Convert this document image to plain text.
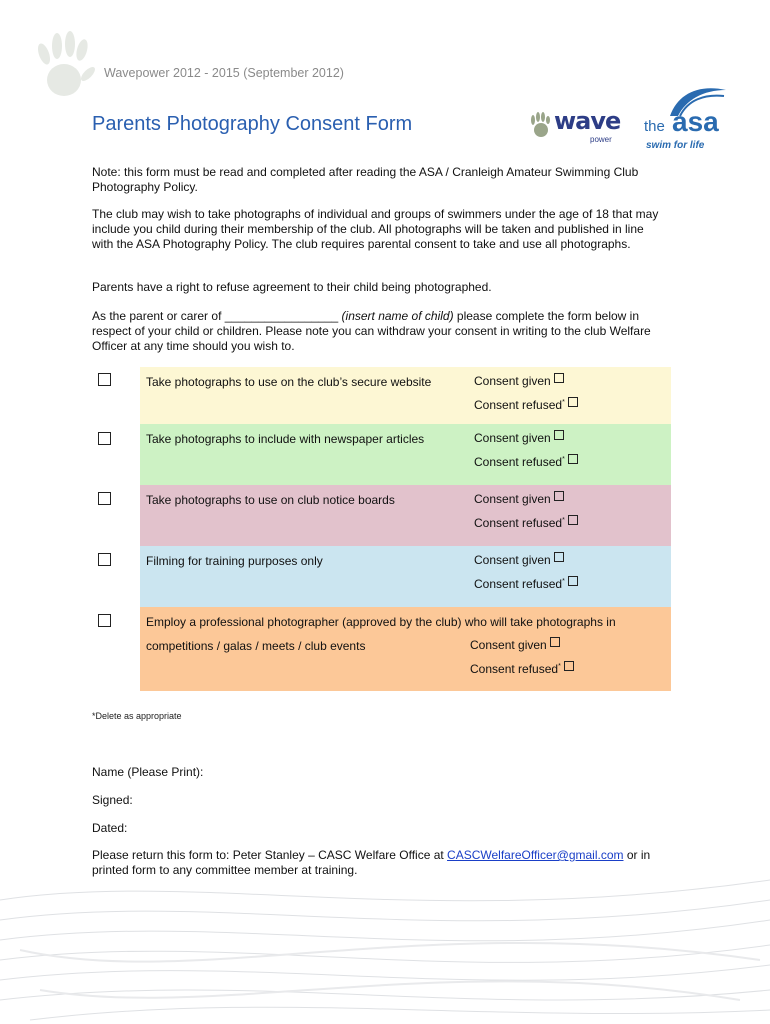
Wavepower 2012 - 2015 (September 2012)
Parents Photography Consent Form	wave
power
the asa
swim for life

Note: this form must be read and completed after reading the ASA / Cranleigh Amateur Swimming Club Photography Policy.

The club may wish to take photographs of individual and groups of swimmers under the age of 18 that may include you child during their membership of the club. All photographs will be taken and published in line with the ASA Photography Policy. The club requires parental consent to take and use all photographs.

Parents have a right to refuse agreement to their child being photographed.

As the parent or carer of _________________ (insert name of child) please complete the form below in respect of your child or children. Please note you can withdraw your consent in writing to the club Welfare Officer at any time should you wish to.

Take photographs to use on the club’s secure website	Consent given
Consent refused*
Take photographs to include with newspaper articles	Consent given
Consent refused*
Take photographs to use on club notice boards	Consent given
Consent refused*
Filming for training purposes only	Consent given
Consent refused*
Employ a professional photographer (approved by the club) who will take photographs in
competitions / galas / meets / club events	Consent given
Consent refused*
*Delete as appropriate
Name (Please Print):
Signed:
Dated:

Please return this form to: Peter Stanley – CASC Welfare Office at CASCWelfareOfficer@gmail.com or in printed form to any committee member at training.
